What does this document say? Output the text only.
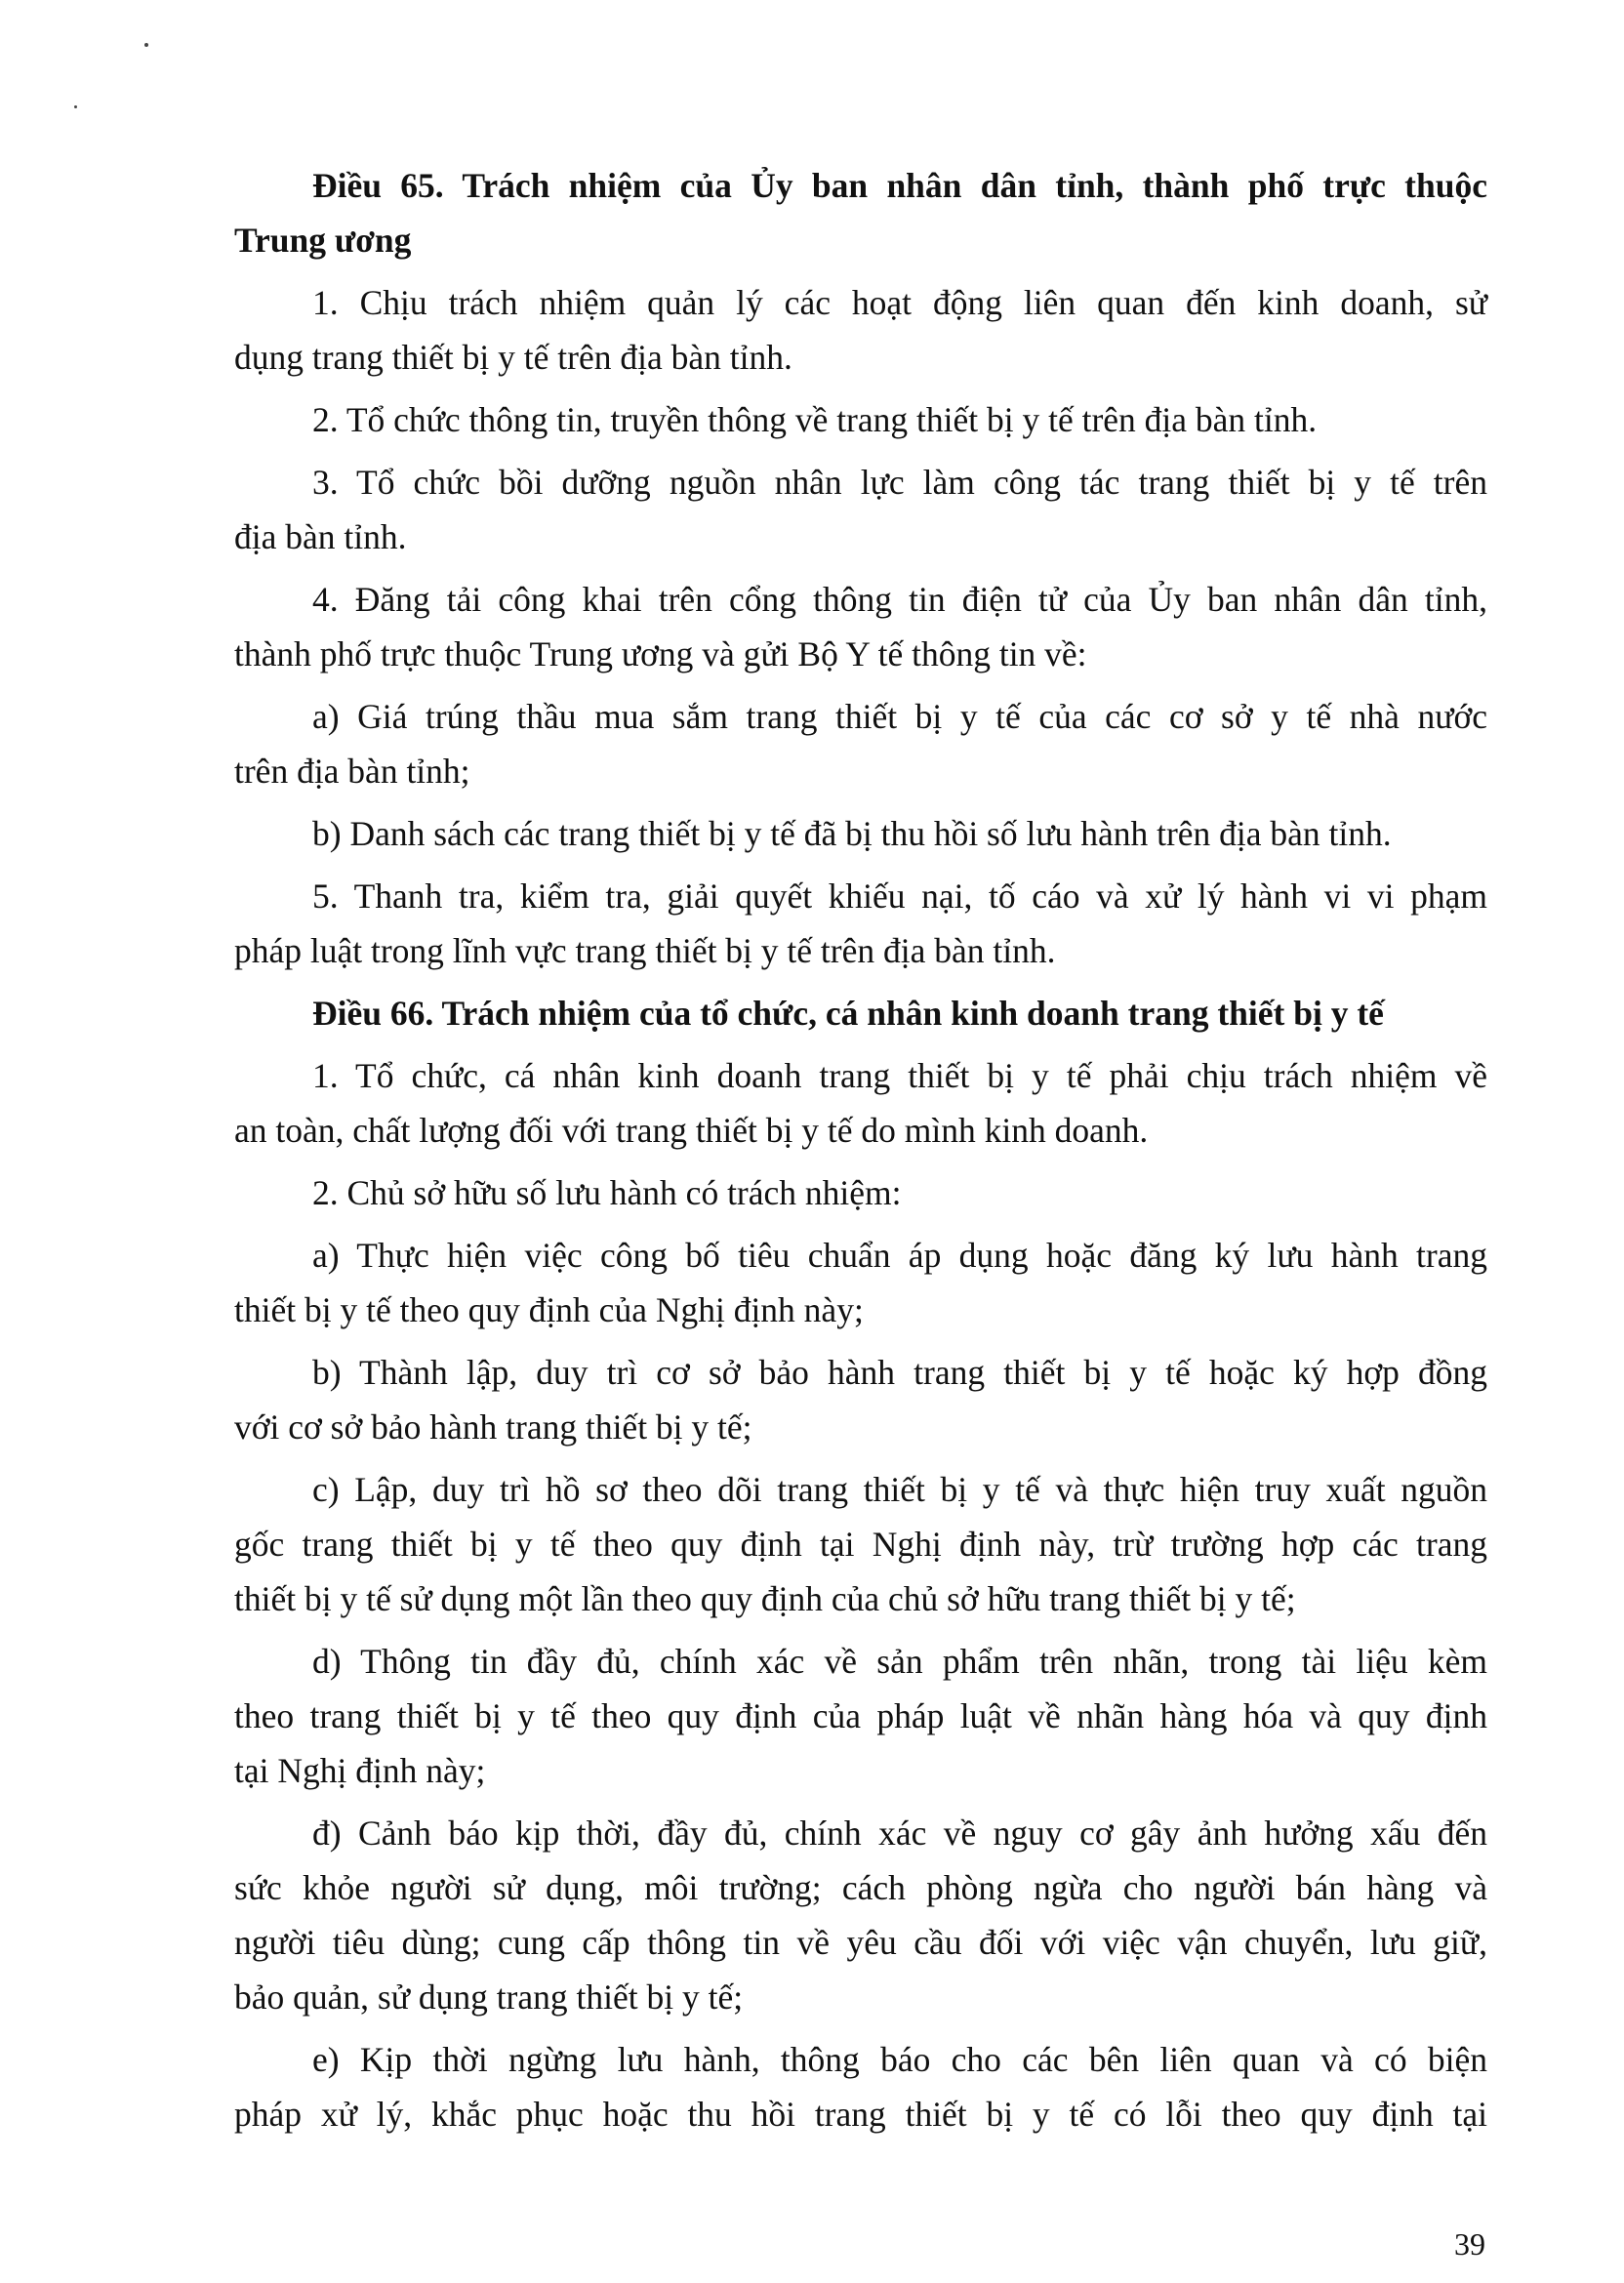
Điều 65. Trách nhiệm của Ủy ban nhân dân tỉnh, thành phố trực thuộc

Trung ương

1. Chịu trách nhiệm quản lý các hoạt động liên quan đến kinh doanh, sử

dụng trang thiết bị y tế trên địa bàn tỉnh.

2. Tổ chức thông tin, truyền thông về trang thiết bị y tế trên địa bàn tỉnh.

3. Tổ chức bồi dưỡng nguồn nhân lực làm công tác trang thiết bị y tế trên

địa bàn tỉnh.

4. Đăng tải công khai trên cổng thông tin điện tử của Ủy ban nhân dân tỉnh,

thành phố trực thuộc Trung ương và gửi Bộ Y tế thông tin về:

a) Giá trúng thầu mua sắm trang thiết bị y tế của các cơ sở y tế nhà nước

trên địa bàn tỉnh;

b) Danh sách các trang thiết bị y tế đã bị thu hồi số lưu hành trên địa bàn tỉnh.

5. Thanh tra, kiểm tra, giải quyết khiếu nại, tố cáo và xử lý hành vi vi phạm

pháp luật trong lĩnh vực trang thiết bị y tế trên địa bàn tỉnh.

Điều 66. Trách nhiệm của tổ chức, cá nhân kinh doanh trang thiết bị y tế

1. Tổ chức, cá nhân kinh doanh trang thiết bị y tế phải chịu trách nhiệm về

an toàn, chất lượng đối với trang thiết bị y tế do mình kinh doanh.

2. Chủ sở hữu số lưu hành có trách nhiệm:

a) Thực hiện việc công bố tiêu chuẩn áp dụng hoặc đăng ký lưu hành trang

thiết bị y tế theo quy định của Nghị định này;

b) Thành lập, duy trì cơ sở bảo hành trang thiết bị y tế hoặc ký hợp đồng

với cơ sở bảo hành trang thiết bị y tế;

c) Lập, duy trì hồ sơ theo dõi trang thiết bị y tế và thực hiện truy xuất nguồn

gốc trang thiết bị y tế theo quy định tại Nghị định này, trừ trường hợp các trang

thiết bị y tế sử dụng một lần theo quy định của chủ sở hữu trang thiết bị y tế;

d) Thông tin đầy đủ, chính xác về sản phẩm trên nhãn, trong tài liệu kèm

theo trang thiết bị y tế theo quy định của pháp luật về nhãn hàng hóa và quy định

tại Nghị định này;

đ) Cảnh báo kịp thời, đầy đủ, chính xác về nguy cơ gây ảnh hưởng xấu đến

sức khỏe người sử dụng, môi trường; cách phòng ngừa cho người bán hàng và

người tiêu dùng; cung cấp thông tin về yêu cầu đối với việc vận chuyển, lưu giữ,

bảo quản, sử dụng trang thiết bị y tế;

e) Kịp thời ngừng lưu hành, thông báo cho các bên liên quan và có biện

pháp xử lý, khắc phục hoặc thu hồi trang thiết bị y tế có lỗi theo quy định tại

39
